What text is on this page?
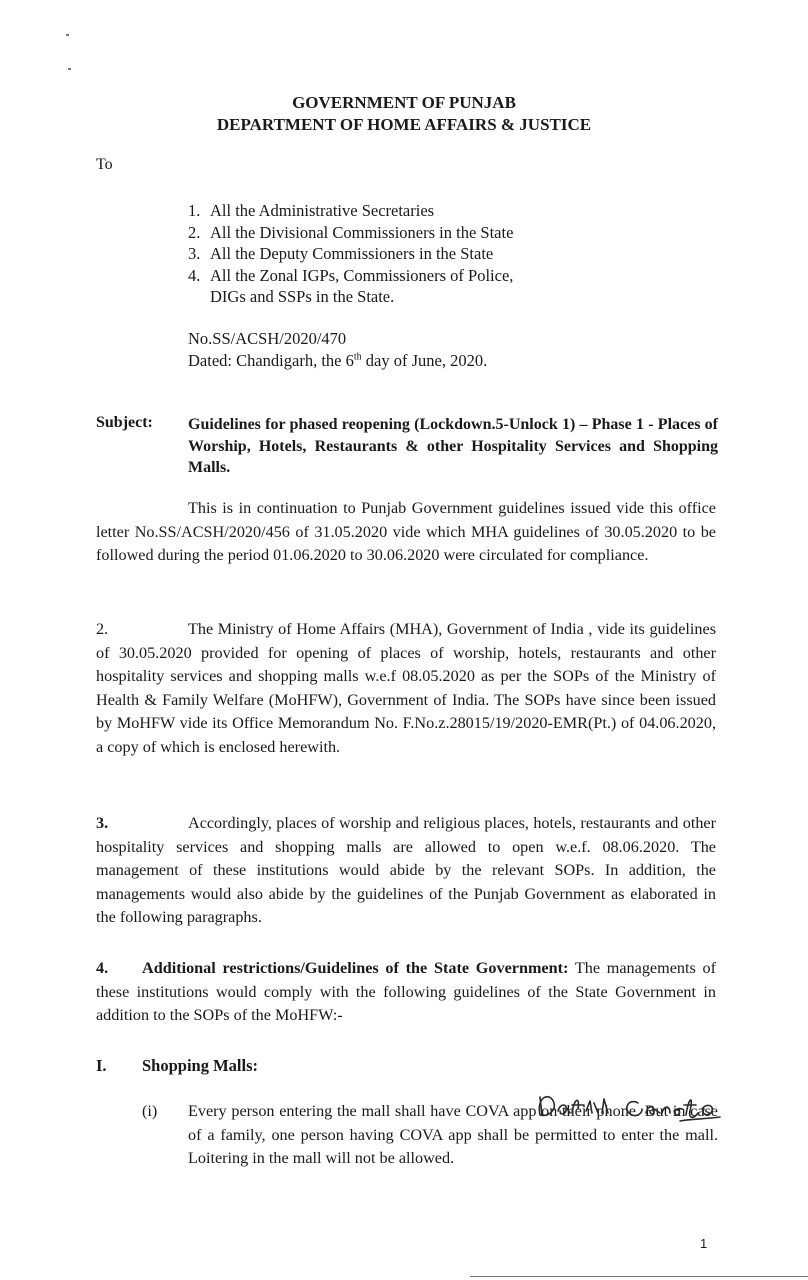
GOVERNMENT OF PUNJAB
DEPARTMENT OF HOME AFFAIRS & JUSTICE
To
1. All the Administrative Secretaries
2. All the Divisional Commissioners in the State
3. All the Deputy Commissioners in the State
4. All the Zonal IGPs, Commissioners of Police,
DIGs and SSPs in the State.
No.SS/ACSH/2020/470
Dated: Chandigarh, the 6th day of June, 2020.
Subject: Guidelines for phased reopening (Lockdown.5-Unlock 1) – Phase 1 - Places of Worship, Hotels, Restaurants & other Hospitality Services and Shopping Malls.
This is in continuation to Punjab Government guidelines issued vide this office letter No.SS/ACSH/2020/456 of 31.05.2020 vide which MHA guidelines of 30.05.2020 to be followed during the period 01.06.2020 to 30.06.2020 were circulated for compliance.
2.	The Ministry of Home Affairs (MHA), Government of India , vide its guidelines of 30.05.2020 provided for opening of places of worship, hotels, restaurants and other hospitality services and shopping malls w.e.f 08.05.2020 as per the SOPs of the Ministry of Health & Family Welfare (MoHFW), Government of India. The SOPs have since been issued by MoHFW vide its Office Memorandum No. F.No.z.28015/19/2020-EMR(Pt.) of 04.06.2020, a copy of which is enclosed herewith.
3.	Accordingly, places of worship and religious places, hotels, restaurants and other hospitality services and shopping malls are allowed to open w.e.f. 08.06.2020. The management of these institutions would abide by the relevant SOPs. In addition, the managements would also abide by the guidelines of the Punjab Government as elaborated in the following paragraphs.
4. Additional restrictions/Guidelines of the State Government: The managements of these institutions would comply with the following guidelines of the State Government in addition to the SOPs of the MoHFW:-
I. Shopping Malls:
(i) Every person entering the mall shall have COVA app on their phone. But in case of a family, one person having COVA app shall be permitted to enter the mall. Loitering in the mall will not be allowed.
1
